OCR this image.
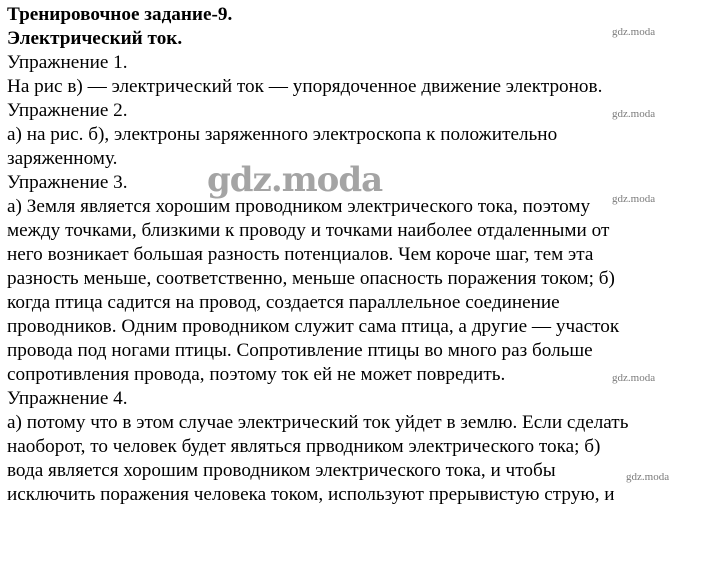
Тренировочное задание-9.
Электрический ток.
Упражнение 1.
На рис в) — электрический ток — упорядоченное движение электронов.
Упражнение 2.
а) на рис. б), электроны заряженного электроскопа к положительно
заряженному.
Упражнение 3.
а) Земля является хорошим проводником электрического тока, поэтому
между точками, близкими к проводу и точками наиболее отдаленными от
него возникает большая разность потенциалов. Чем короче шаг, тем эта
разность меньше, соответственно, меньше опасность поражения током; б)
когда птица садится на провод, создается параллельное соединение
проводников. Одним проводником служит сама птица, а другие — участок
провода под ногами птицы. Сопротивление птицы во много раз больше
сопротивления провода, поэтому ток ей не может повредить.
Упражнение 4.
а) потому что в этом случае электрический ток уйдет в землю. Если сделать
наоборот, то человек будет являться прводником электрического тока; б)
вода является хорошим проводником электрического тока, и чтобы
исключить поражения человека током, используют прерывистую струю, и
gdz.moda
gdz.moda
gdz.moda
gdz.moda
gdz.moda
gdz.moda
